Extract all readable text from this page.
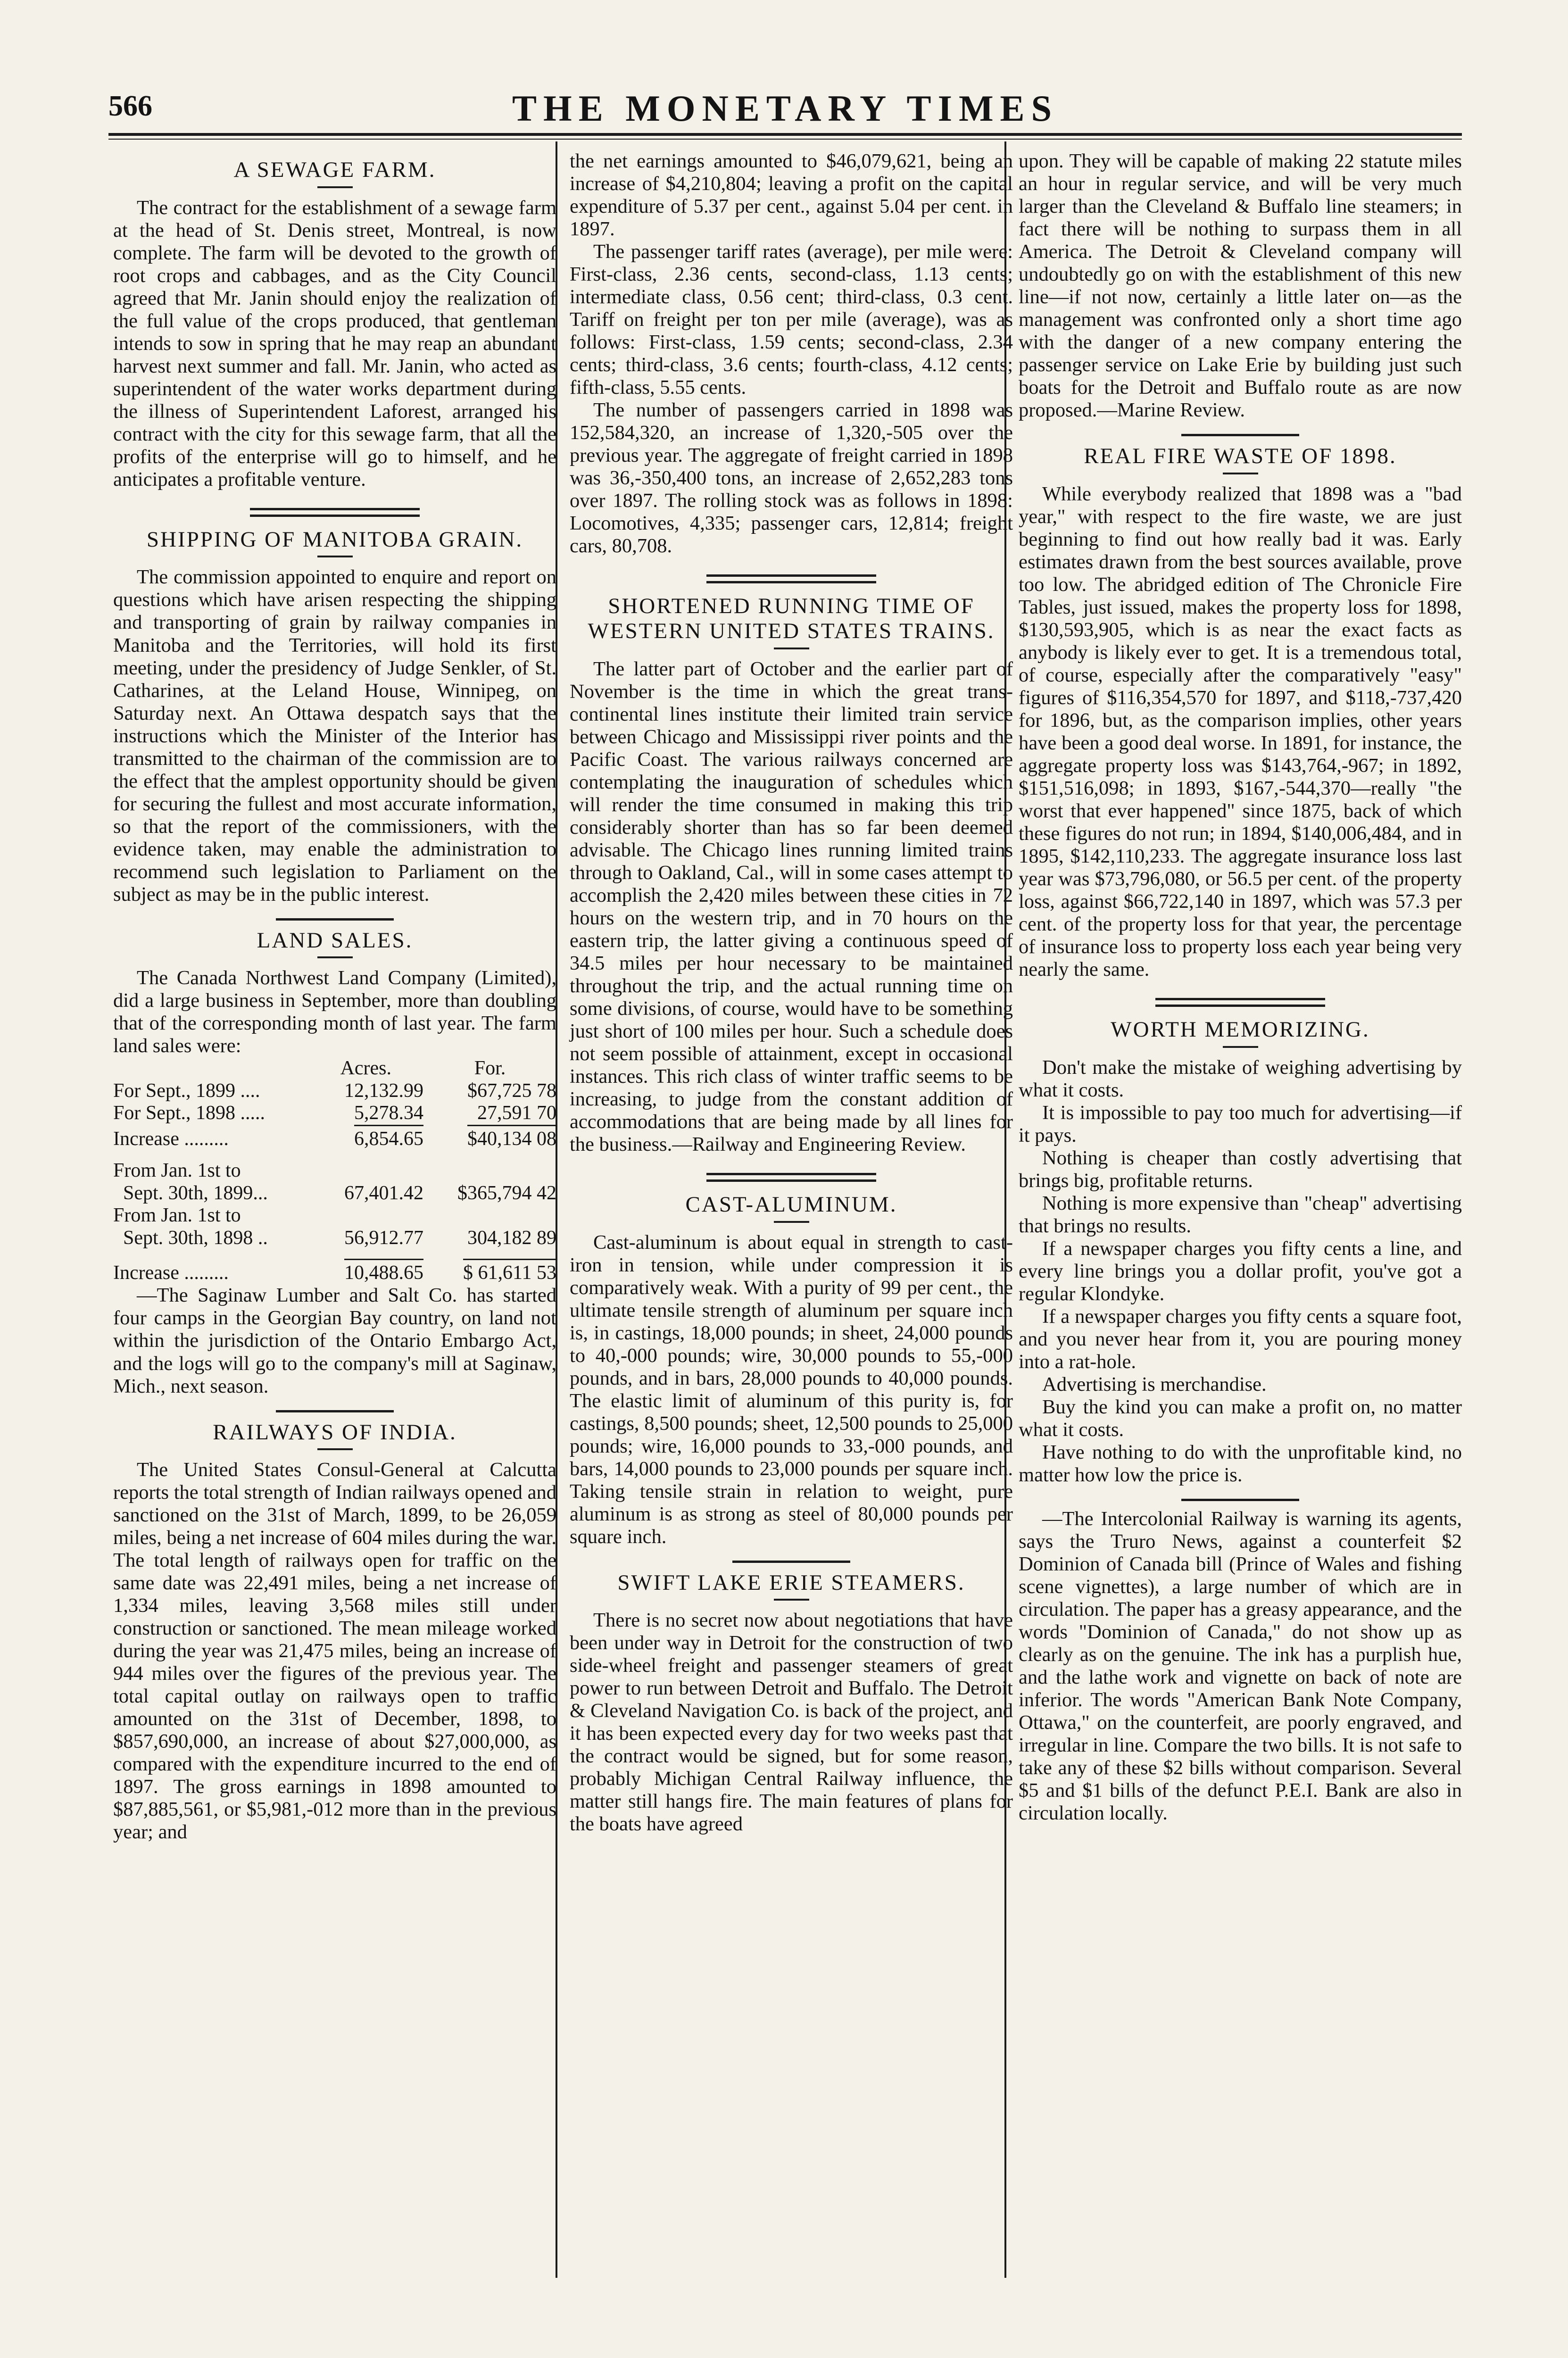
566	THE MONETARY TIMES
A SEWAGE FARM.

The contract for the establishment of a sewage farm at the head of St. Denis street, Montreal, is now complete. The farm will be devoted to the growth of root crops and cabbages, and as the City Council agreed that Mr. Janin should enjoy the realization of the full value of the crops produced, that gentleman intends to sow in spring that he may reap an abundant harvest next summer and fall. Mr. Janin, who acted as superintendent of the water works department during the illness of Superintendent Laforest, arranged his contract with the city for this sewage farm, that all the profits of the enterprise will go to himself, and he anticipates a profitable venture.

SHIPPING OF MANITOBA GRAIN.

The commission appointed to enquire and report on questions which have arisen respecting the shipping and transporting of grain by railway companies in Manitoba and the Territories, will hold its first meeting, under the presidency of Judge Senkler, of St. Catharines, at the Leland House, Winnipeg, on Saturday next. An Ottawa despatch says that the instructions which the Minister of the Interior has transmitted to the chairman of the commission are to the effect that the amplest opportunity should be given for securing the fullest and most accurate information, so that the report of the commissioners, with the evidence taken, may enable the administration to recommend such legislation to Parliament on the subject as may be in the public interest.

LAND SALES.

The Canada Northwest Land Company (Limited), did a large business in September, more than doubling that of the corresponding month of last year. The farm land sales were:

	Acres.	For.
For Sept., 1899 ....	12,132.99	$67,725 78
For Sept., 1898 .....	5,278.34	27,591 70
Increase .........	6,854.65	$40,134 08

From Jan. 1st to
Sept. 30th, 1899...	67,401.42	$365,794 42
From Jan. 1st to
Sept. 30th, 1898 ..	56,912.77	304,182 89

Increase .........	10,488.65	$ 61,611 53

—The Saginaw Lumber and Salt Co. has started four camps in the Georgian Bay country, on land not within the jurisdiction of the Ontario Embargo Act, and the logs will go to the company's mill at Saginaw, Mich., next season.

RAILWAYS OF INDIA.

The United States Consul-General at Calcutta reports the total strength of Indian railways opened and sanctioned on the 31st of March, 1899, to be 26,059 miles, being a net increase of 604 miles during the war. The total length of railways open for traffic on the same date was 22,491 miles, being a net increase of 1,334 miles, leaving 3,568 miles still under construction or sanctioned. The mean mileage worked during the year was 21,475 miles, being an increase of 944 miles over the figures of the previous year. The total capital outlay on railways open to traffic amounted on the 31st of December, 1898, to $857,690,000, an increase of about $27,000,000, as compared with the expenditure incurred to the end of 1897. The gross earnings in 1898 amounted to $87,885,561, or $5,981,-012 more than in the previous year; and

the net earnings amounted to $46,079,621, being an increase of $4,210,804; leaving a profit on the capital expenditure of 5.37 per cent., against 5.04 per cent. in 1897.

The passenger tariff rates (average), per mile were: First-class, 2.36 cents, second-class, 1.13 cents; intermediate class, 0.56 cent; third-class, 0.3 cent. Tariff on freight per ton per mile (average), was as follows: First-class, 1.59 cents; second-class, 2.34 cents; third-class, 3.6 cents; fourth-class, 4.12 cents; fifth-class, 5.55 cents.

The number of passengers carried in 1898 was 152,584,320, an increase of 1,320,-505 over the previous year. The aggregate of freight carried in 1898 was 36,-350,400 tons, an increase of 2,652,283 tons over 1897. The rolling stock was as follows in 1898: Locomotives, 4,335; passenger cars, 12,814; freight cars, 80,708.

SHORTENED RUNNING TIME OF WESTERN UNITED STATES TRAINS.

The latter part of October and the earlier part of November is the time in which the great trans-continental lines institute their limited train service between Chicago and Mississippi river points and the Pacific Coast. The various railways concerned are contemplating the inauguration of schedules which will render the time consumed in making this trip considerably shorter than has so far been deemed advisable. The Chicago lines running limited trains through to Oakland, Cal., will in some cases attempt to accomplish the 2,420 miles between these cities in 72 hours on the western trip, and in 70 hours on the eastern trip, the latter giving a continuous speed of 34.5 miles per hour necessary to be maintained throughout the trip, and the actual running time on some divisions, of course, would have to be something just short of 100 miles per hour. Such a schedule does not seem possible of attainment, except in occasional instances. This rich class of winter traffic seems to be increasing, to judge from the constant addition of accommodations that are being made by all lines for the business.—Railway and Engineering Review.

CAST-ALUMINUM.

Cast-aluminum is about equal in strength to cast-iron in tension, while under compression it is comparatively weak. With a purity of 99 per cent., the ultimate tensile strength of aluminum per square inch is, in castings, 18,000 pounds; in sheet, 24,000 pounds to 40,-000 pounds; wire, 30,000 pounds to 55,-000 pounds, and in bars, 28,000 pounds to 40,000 pounds. The elastic limit of aluminum of this purity is, for castings, 8,500 pounds; sheet, 12,500 pounds to 25,000 pounds; wire, 16,000 pounds to 33,-000 pounds, and bars, 14,000 pounds to 23,000 pounds per square inch. Taking tensile strain in relation to weight, pure aluminum is as strong as steel of 80,000 pounds per square inch.

SWIFT LAKE ERIE STEAMERS.

There is no secret now about negotiations that have been under way in Detroit for the construction of two side-wheel freight and passenger steamers of great power to run between Detroit and Buffalo. The Detroit & Cleveland Navigation Co. is back of the project, and it has been expected every day for two weeks past that the contract would be signed, but for some reason, probably Michigan Central Railway influence, the matter still hangs fire. The main features of plans for the boats have agreed

upon. They will be capable of making 22 statute miles an hour in regular service, and will be very much larger than the Cleveland & Buffalo line steamers; in fact there will be nothing to surpass them in all America. The Detroit & Cleveland company will undoubtedly go on with the establishment of this new line—if not now, certainly a little later on—as the management was confronted only a short time ago with the danger of a new company entering the passenger service on Lake Erie by building just such boats for the Detroit and Buffalo route as are now proposed.—Marine Review.

REAL FIRE WASTE OF 1898.

While everybody realized that 1898 was a "bad year," with respect to the fire waste, we are just beginning to find out how really bad it was. Early estimates drawn from the best sources available, prove too low. The abridged edition of The Chronicle Fire Tables, just issued, makes the property loss for 1898, $130,593,905, which is as near the exact facts as anybody is likely ever to get. It is a tremendous total, of course, especially after the comparatively "easy" figures of $116,354,570 for 1897, and $118,-737,420 for 1896, but, as the comparison implies, other years have been a good deal worse. In 1891, for instance, the aggregate property loss was $143,764,-967; in 1892, $151,516,098; in 1893, $167,-544,370—really "the worst that ever happened" since 1875, back of which these figures do not run; in 1894, $140,006,484, and in 1895, $142,110,233. The aggregate insurance loss last year was $73,796,080, or 56.5 per cent. of the property loss, against $66,722,140 in 1897, which was 57.3 per cent. of the property loss for that year, the percentage of insurance loss to property loss each year being very nearly the same.

WORTH MEMORIZING.

Don't make the mistake of weighing advertising by what it costs.

It is impossible to pay too much for advertising—if it pays.

Nothing is cheaper than costly advertising that brings big, profitable returns.

Nothing is more expensive than "cheap" advertising that brings no results.

If a newspaper charges you fifty cents a line, and every line brings you a dollar profit, you've got a regular Klondyke.

If a newspaper charges you fifty cents a square foot, and you never hear from it, you are pouring money into a rat-hole.

Advertising is merchandise.

Buy the kind you can make a profit on, no matter what it costs.

Have nothing to do with the unprofitable kind, no matter how low the price is.

—The Intercolonial Railway is warning its agents, says the Truro News, against a counterfeit $2 Dominion of Canada bill (Prince of Wales and fishing scene vignettes), a large number of which are in circulation. The paper has a greasy appearance, and the words "Dominion of Canada," do not show up as clearly as on the genuine. The ink has a purplish hue, and the lathe work and vignette on back of note are inferior. The words "American Bank Note Company, Ottawa," on the counterfeit, are poorly engraved, and irregular in line. Compare the two bills. It is not safe to take any of these $2 bills without comparison. Several $5 and $1 bills of the defunct P.E.I. Bank are also in circulation locally.
